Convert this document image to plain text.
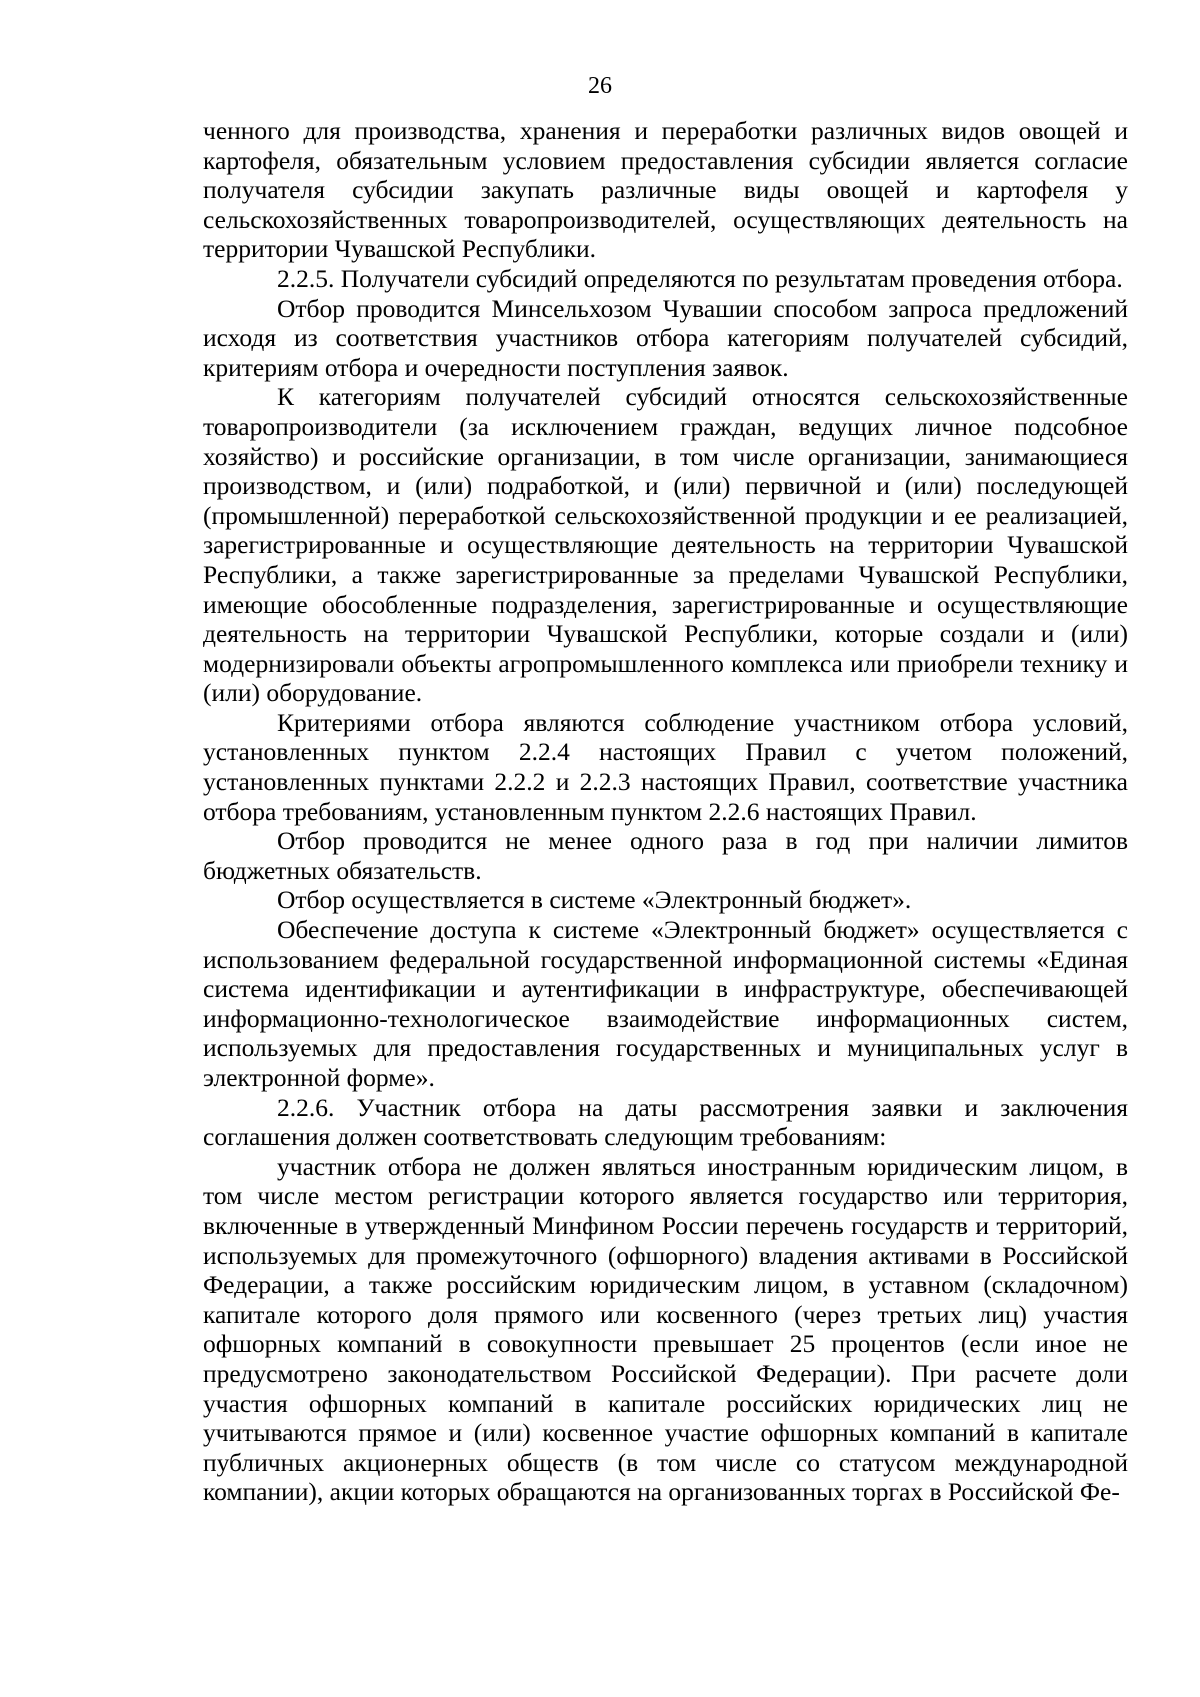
26

ченного для производства, хранения и переработки различных видов овощей и картофеля, обязательным условием предоставления субсидии является согласие получателя субсидии закупать различные виды овощей и картофеля у сельскохозяйственных товаропроизводителей, осуществляющих деятельность на территории Чувашской Республики.

2.2.5. Получатели субсидий определяются по результатам проведения отбора.

Отбор проводится Минсельхозом Чувашии способом запроса предложений исходя из соответствия участников отбора категориям получателей субсидий, критериям отбора и очередности поступления заявок.

К категориям получателей субсидий относятся сельскохозяйственные товаропроизводители (за исключением граждан, ведущих личное подсобное хозяйство) и российские организации, в том числе организации, занимающиеся производством, и (или) подработкой, и (или) первичной и (или) последующей (промышленной) переработкой сельскохозяйственной продукции и ее реализацией, зарегистрированные и осуществляющие деятельность на территории Чувашской Республики, а также зарегистрированные за пределами Чувашской Республики, имеющие обособленные подразделения, зарегистрированные и осуществляющие деятельность на территории Чувашской Республики, которые создали и (или) модернизировали объекты агропромышленного комплекса или приобрели технику и (или) оборудование.

Критериями отбора являются соблюдение участником отбора условий, установленных пунктом 2.2.4 настоящих Правил с учетом положений, установленных пунктами 2.2.2 и 2.2.3 настоящих Правил, соответствие участника отбора требованиям, установленным пунктом 2.2.6 настоящих Правил.

Отбор проводится не менее одного раза в год при наличии лимитов бюджетных обязательств.

Отбор осуществляется в системе «Электронный бюджет».

Обеспечение доступа к системе «Электронный бюджет» осуществляется с использованием федеральной государственной информационной системы «Единая система идентификации и аутентификации в инфраструктуре, обеспечивающей информационно-технологическое взаимодействие информационных систем, используемых для предоставления государственных и муниципальных услуг в электронной форме».

2.2.6. Участник отбора на даты рассмотрения заявки и заключения соглашения должен соответствовать следующим требованиям:

участник отбора не должен являться иностранным юридическим лицом, в том числе местом регистрации которого является государство или территория, включенные в утвержденный Минфином России перечень государств и территорий, используемых для промежуточного (офшорного) владения активами в Российской Федерации, а также российским юридическим лицом, в уставном (складочном) капитале которого доля прямого или косвенного (через третьих лиц) участия офшорных компаний в совокупности превышает 25 процентов (если иное не предусмотрено законодательством Российской Федерации). При расчете доли участия офшорных компаний в капитале российских юридических лиц не учитываются прямое и (или) косвенное участие офшорных компаний в капитале публичных акционерных обществ (в том числе со статусом международной компании), акции которых обращаются на организованных торгах в Российской Фе-
